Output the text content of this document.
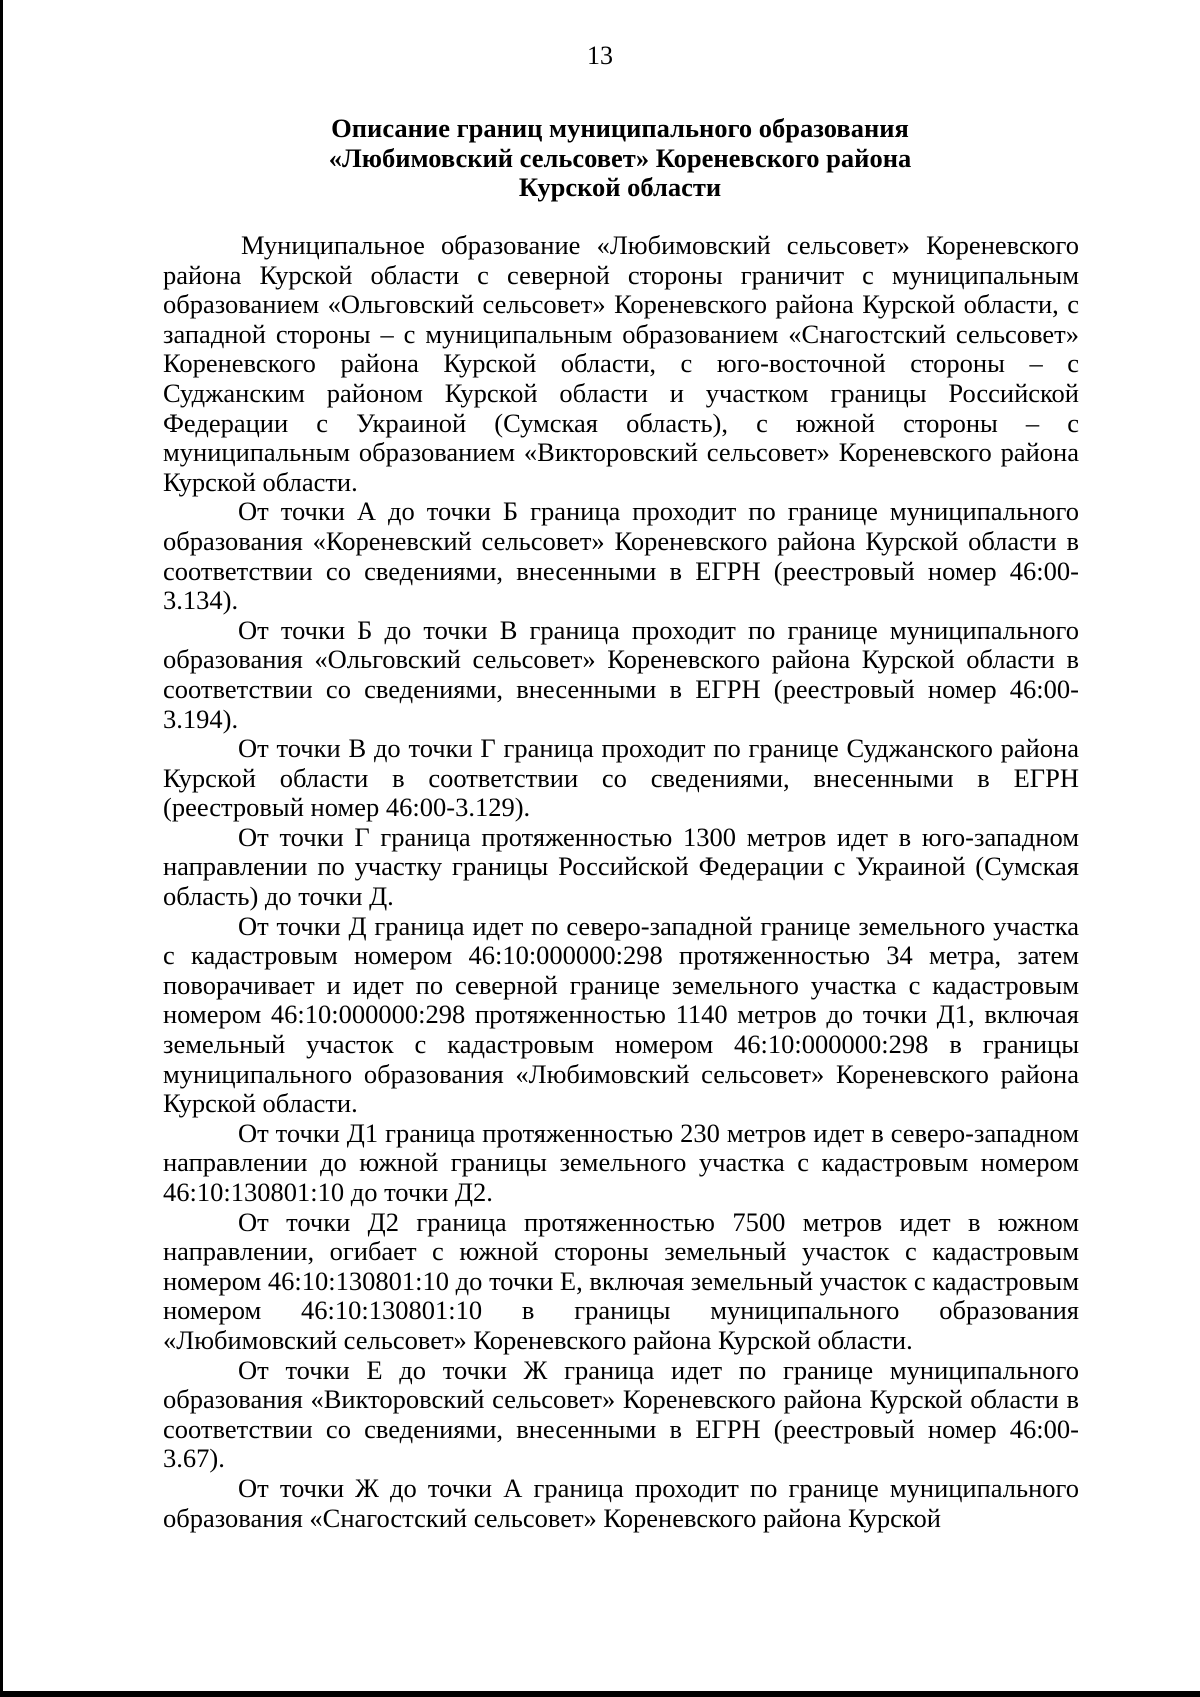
13
Описание границ муниципального образования
«Любимовский сельсовет» Кореневского района
Курской области

Муниципальное образование «Любимовский сельсовет» Кореневского района Курской области с северной стороны граничит с муниципальным образованием «Ольговский сельсовет» Кореневского района Курской области, с западной стороны – с муниципальным образованием «Снагостский сельсовет» Кореневского района Курской области, с юго-восточной стороны – с Суджанским районом Курской области и участком границы Российской Федерации с Украиной (Сумская область), с южной стороны – с муниципальным образованием «Викторовский сельсовет» Кореневского района Курской области.

От точки А до точки Б граница проходит по границе муниципального образования «Кореневский сельсовет» Кореневского района Курской области в соответствии со сведениями, внесенными в ЕГРН (реестровый номер 46:00-3.134).

От точки Б до точки В граница проходит по границе муниципального образования «Ольговский сельсовет» Кореневского района Курской области в соответствии со сведениями, внесенными в ЕГРН (реестровый номер 46:00-3.194).

От точки В до точки Г граница проходит по границе Суджанского района Курской области в соответствии со сведениями, внесенными в ЕГРН (реестровый номер 46:00-3.129).

От точки Г граница протяженностью 1300 метров идет в юго-западном направлении по участку границы Российской Федерации с Украиной (Сумская область) до точки Д.

От точки Д граница идет по северо-западной границе земельного участка с кадастровым номером 46:10:000000:298 протяженностью 34 метра, затем поворачивает и идет по северной границе земельного участка с кадастровым номером 46:10:000000:298 протяженностью 1140 метров до точки Д1, включая земельный участок с кадастровым номером 46:10:000000:298 в границы муниципального образования «Любимовский сельсовет» Кореневского района Курской области.

От точки Д1 граница протяженностью 230 метров идет в северо-западном направлении до южной границы земельного участка с кадастровым номером 46:10:130801:10 до точки Д2.

От точки Д2 граница протяженностью 7500 метров идет в южном направлении, огибает с южной стороны земельный участок с кадастровым номером 46:10:130801:10 до точки Е, включая земельный участок с кадастровым номером 46:10:130801:10 в границы муниципального образования «Любимовский сельсовет» Кореневского района Курской области.

От точки Е до точки Ж граница идет по границе муниципального образования «Викторовский сельсовет» Кореневского района Курской области в соответствии со сведениями, внесенными в ЕГРН (реестровый номер 46:00-3.67).

От точки Ж до точки А граница проходит по границе муниципального образования «Снагостский сельсовет» Кореневского района Курской
